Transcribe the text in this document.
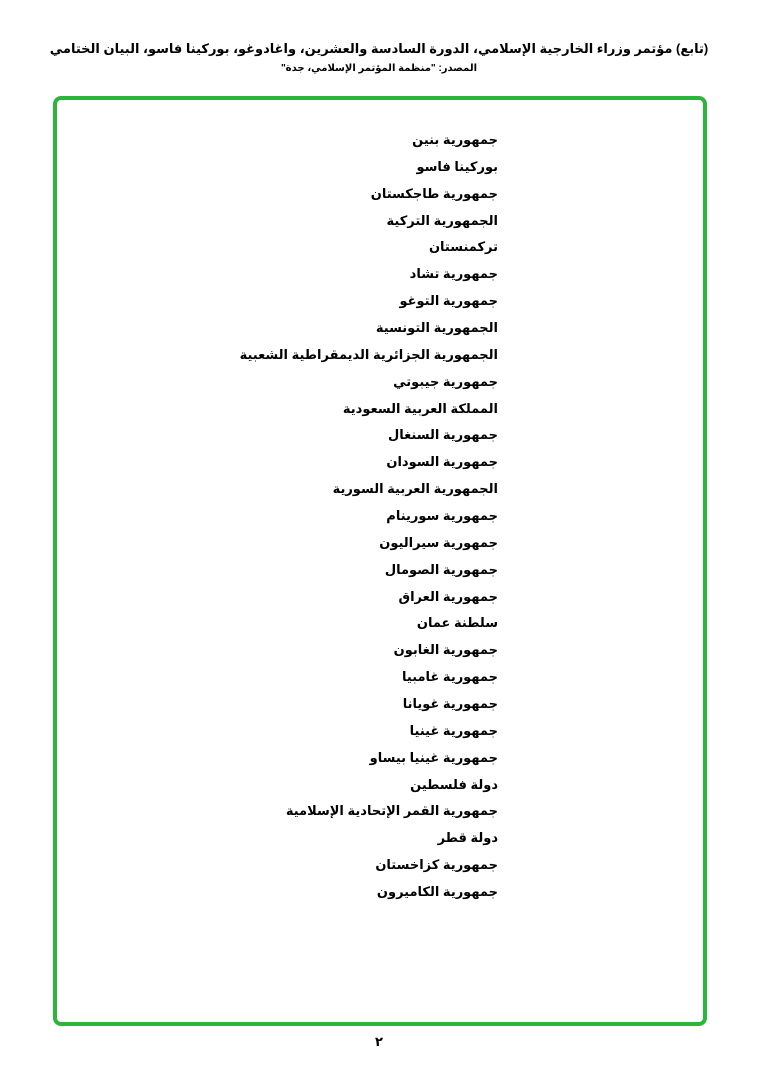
(تابع) مؤتمر وزراء الخارجية الإسلامي، الدورة السادسة والعشرين، واغادوغو، بوركينا فاسو، البيان الختامي

المصدر: "منظمة المؤتمر الإسلامي، جدة"

جمهورية بنين
بوركينا فاسو
جمهورية طاجكستان
الجمهورية التركية
تركمنستان
جمهورية تشاد
جمهورية التوغو
الجمهورية التونسية
الجمهورية الجزائرية الديمقراطية الشعبية
جمهورية جيبوتي
المملكة العربية السعودية
جمهورية السنغال
جمهورية السودان
الجمهورية العربية السورية
جمهورية سورينام
جمهورية سيراليون
جمهورية الصومال
جمهورية العراق
سلطنة عمان
جمهورية الغابون
جمهورية غامبيا
جمهورية غويانا
جمهورية غينيا
جمهورية غينيا بيساو
دولة فلسطين
جمهورية القمر الإتحادية الإسلامية
دولة قطر
جمهورية كزاخستان
جمهورية الكاميرون
٢
